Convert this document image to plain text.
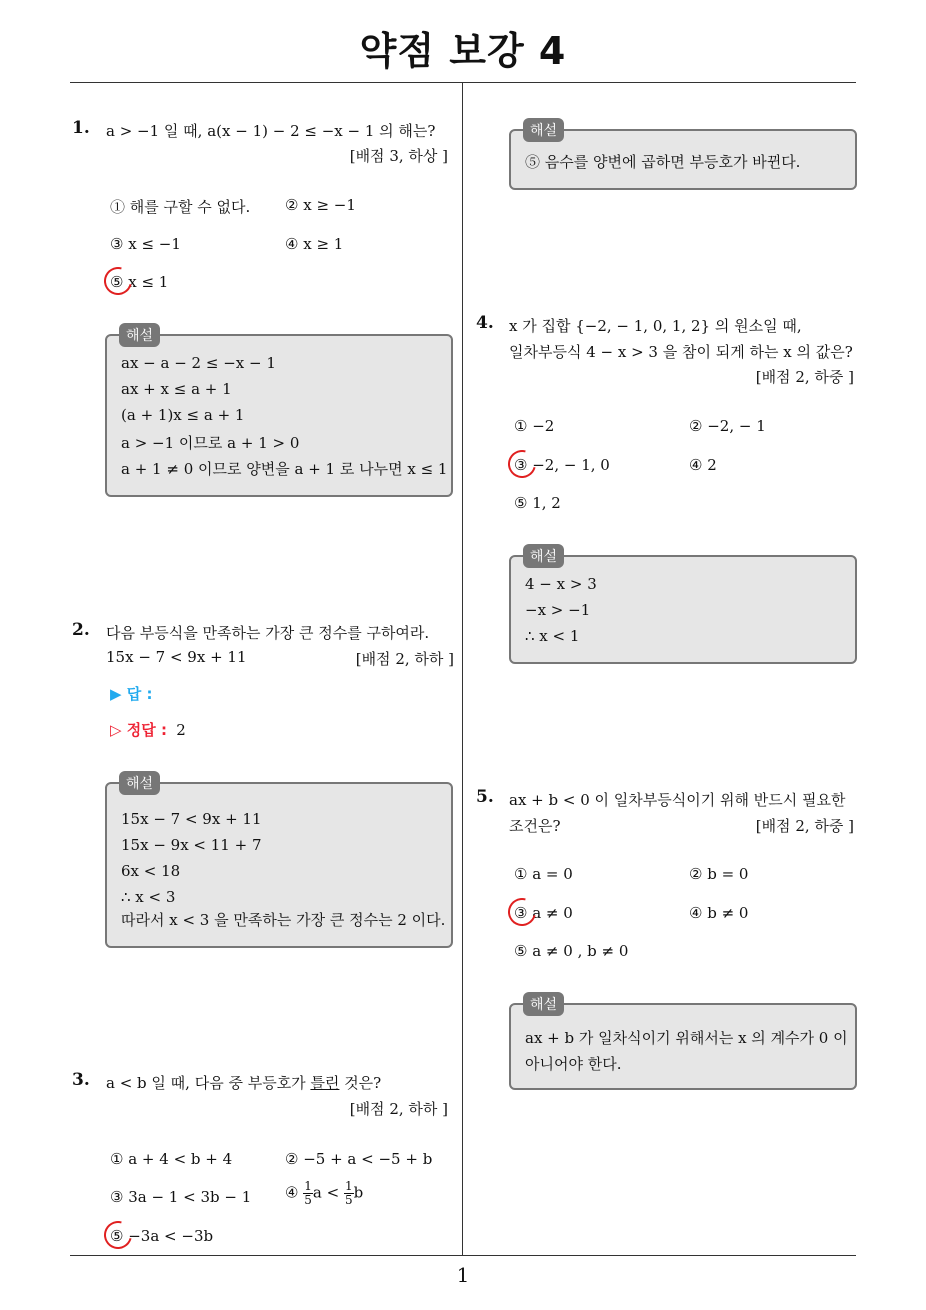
약점 보강 4
1
1. a > −1 일 때, a(x − 1) − 2 ≤ −x − 1 의 해는?
[배점 3, 하상 ]
① 해를 구할 수 없다. ② x ≥ −1
③ x ≤ −1	④ x ≥ 1
⑤ x ≤ 1
해설
ax − a − 2 ≤ −x − 1
ax + x ≤ a + 1
(a + 1)x ≤ a + 1
a > −1 이므로 a + 1 > 0
a + 1 ≠ 0 이므로 양변을 a + 1 로 나누면 x ≤ 1
2. 다음 부등식을 만족하는 가장 큰 정수를 구하여라.
15x − 7 < 9x + 11	[배점 2, 하하 ]
▶ 답 :
▷ 정답 : 2
해설
15x − 7 < 9x + 11
15x − 9x < 11 + 7
6x < 18
∴ x < 3
따라서 x < 3 을 만족하는 가장 큰 정수는 2 이다.
3. a < b 일 때, 다음 중 부등호가 틀린 것은?
[배점 2, 하하 ]
① a + 4 < b + 4	② −5 + a < −5 + b
③ 3a − 1 < 3b − 1 ④ $\frac{1}{5}$ $a < \frac{1}{5}$ b
⑤ −3a < −3b
해설
⑤ 음수를 양변에 곱하면 부등호가 바뀐다.
4. x 가 집합 {−2, − 1, 0, 1, 2} 의 원소일 때,
일차부등식 4 − x > 3 을 참이 되게 하는 x 의 값은?
[배점 2, 하중 ]
① −2	② −2, − 1
③ −2, − 1, 0	④ 2
⑤ 1, 2
해설
4 − x > 3
−x > −1
∴ x < 1
5. ax + b < 0 이 일차부등식이기 위해 반드시 필요한
조건은?	[배점 2, 하중 ]
① a = 0	② b = 0
③ a ≠ 0	④ b ≠ 0
⑤ a ≠ 0 , b ≠ 0
해설
ax + b 가 일차식이기 위해서는 x 의 계수가 0 이
아니어야 한다.
